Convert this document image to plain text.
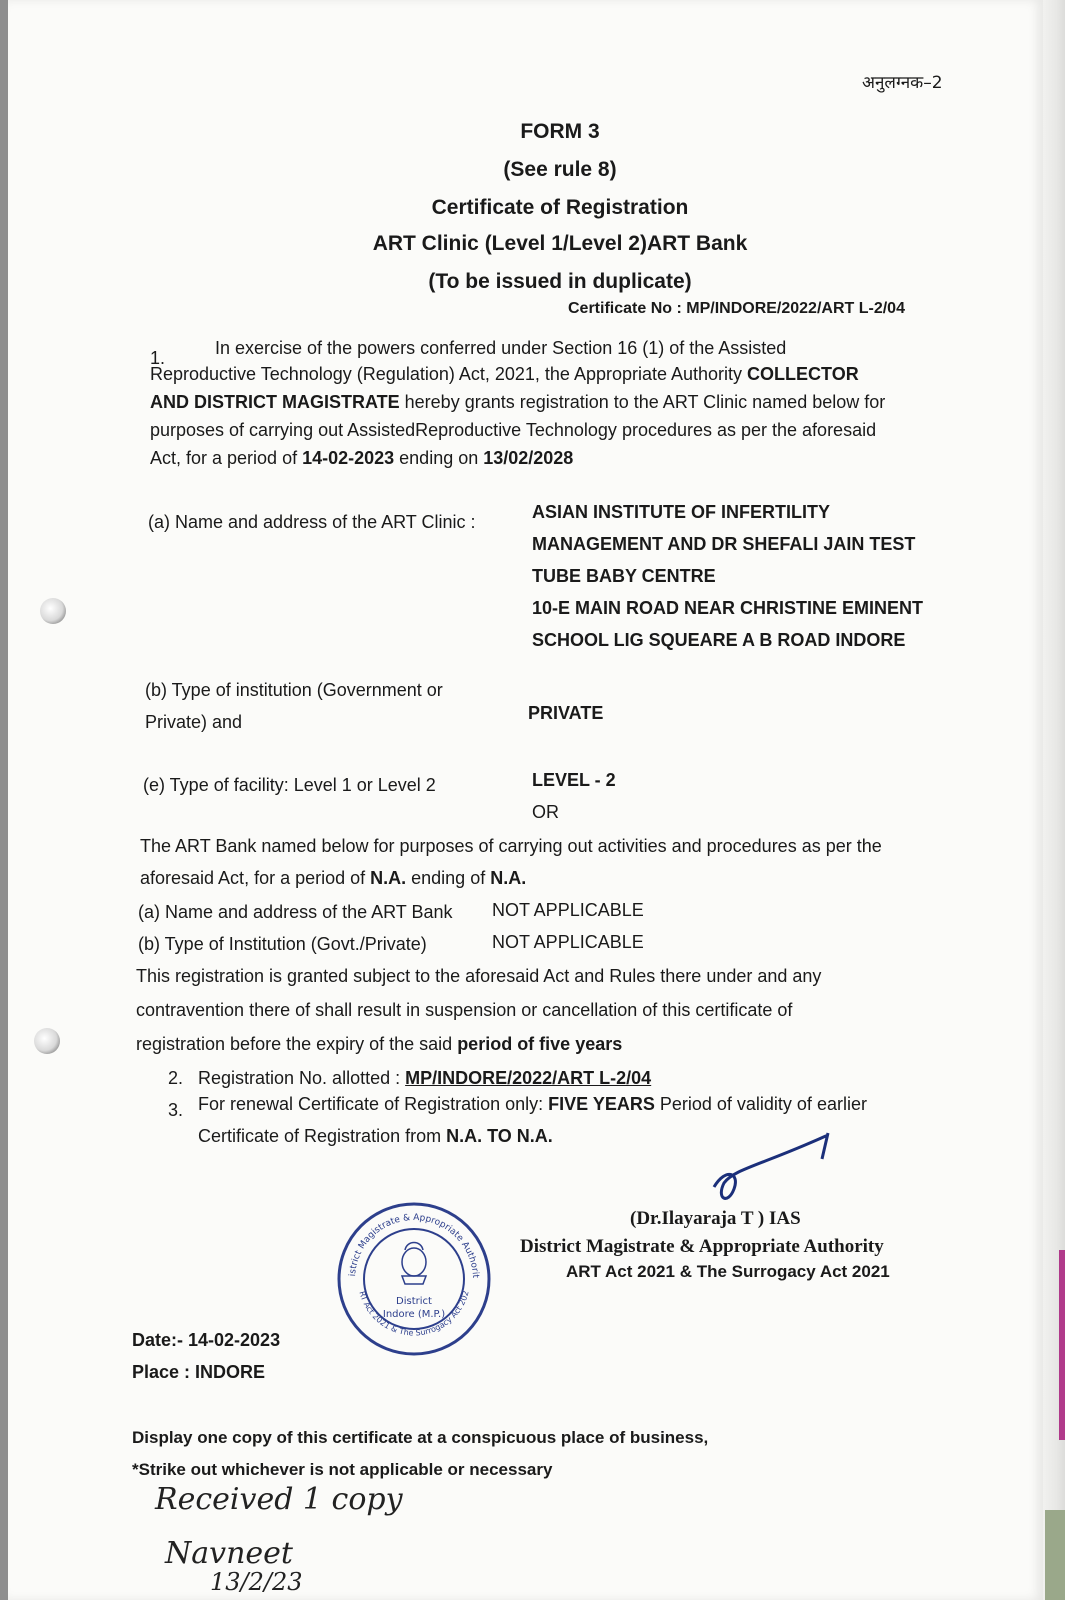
अनुलग्नक–2
FORM 3
(See rule 8)
Certificate of Registration
ART Clinic (Level 1/Level 2)ART Bank
(To be issued in duplicate)
Certificate No : MP/INDORE/2022/ART L-2/04
1.	In exercise of the powers conferred under Section 16 (1) of the Assisted
Reproductive Technology (Regulation) Act, 2021, the Appropriate Authority COLLECTOR
AND DISTRICT MAGISTRATE hereby grants registration to the ART Clinic named below for
purposes of carrying out AssistedReproductive Technology procedures as per the aforesaid
Act, for a period of 14-02-2023 ending on 13/02/2028
(a) Name and address of the ART Clinic :	ASIAN INSTITUTE OF INFERTILITY
MANAGEMENT AND DR SHEFALI JAIN TEST
TUBE BABY CENTRE
10-E MAIN ROAD NEAR CHRISTINE EMINENT
SCHOOL LIG SQUEARE A B ROAD INDORE
(b) Type of institution (Government or
Private) and	PRIVATE
(e) Type of facility: Level 1 or Level 2	LEVEL - 2
OR
The ART Bank named below for purposes of carrying out activities and procedures as per the
aforesaid Act, for a period of N.A. ending of N.A.
(a) Name and address of the ART Bank NOT APPLICABLE
(b) Type of Institution (Govt./Private)	NOT APPLICABLE
This registration is granted subject to the aforesaid Act and Rules there under and any
contravention there of shall result in suspension or cancellation of this certificate of
registration before the expiry of the said period of five years
2. Registration No. allotted : MP/INDORE/2022/ART L-2/04
3. For renewal Certificate of Registration only: FIVE YEARS Period of validity of earlier
Certificate of Registration from N.A. TO N.A.
(Dr.Ilayaraja T ) IAS
District Magistrate & Appropriate Authority
ART Act 2021 & The Surrogacy Act 2021
istrict Magistrate & Appropriate Authorit
RT Act 2021 & The Surrogacy Act 202
District
Indore (M.P.)
Date:- 14-02-2023
Place : INDORE
Display one copy of this certificate at a conspicuous place of business,
*Strike out whichever is not applicable or necessary
Received 1 copy
Navneet
13/2/23
